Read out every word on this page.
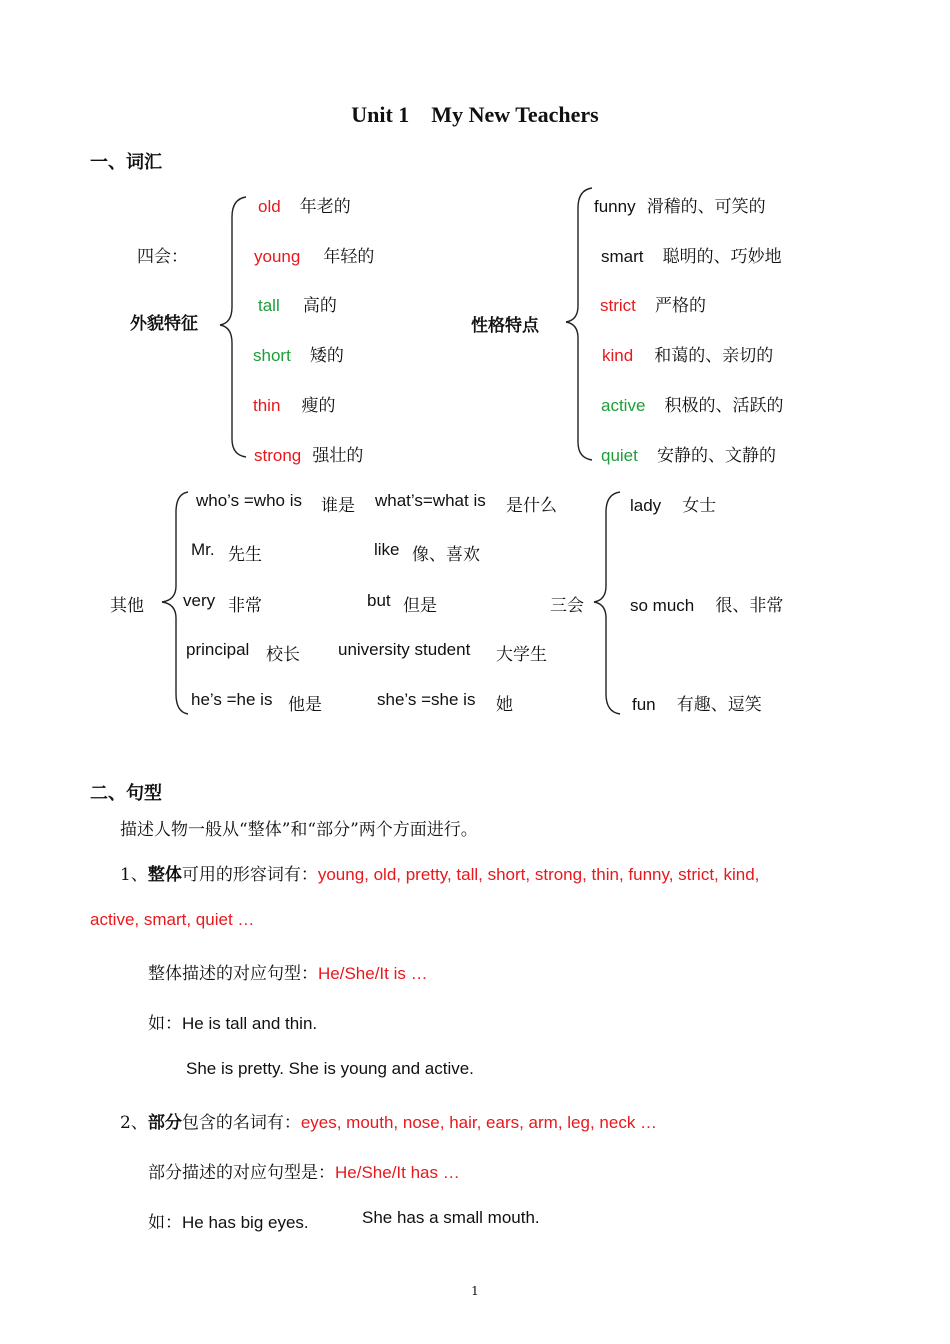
Unit 1    My New Teachers
一、词汇
四会：
外貌特征
old 年老的
young 年轻的
tall 高的
short 矮的
thin 瘦的
strong 强壮的
性格特点
funny 滑稽的、可笑的
smart 聪明的、巧妙地
strict 严格的
kind 和蔼的、亲切的
active 积极的、活跃的
quiet 安静的、文静的
其他
who’s =who is 谁是 what’s=what is 是什么
Mr. 先生	like 像、喜欢
very 非常	but 但是
principal 校长 university student 大学生
he’s =he is 他是	she’s =she is 她
三会
lady 女士
so much 很、非常
fun 有趣、逗笑
二、句型
描述人物一般从“整体”和“部分”两个方面进行。
1、整体可用的形容词有：young, old, pretty, tall, short, strong, thin, funny, strict, kind,
active, smart, quiet …
整体描述的对应句型：He/She/It is …
如：He is tall and thin.
She is pretty. She is young and active.
2、部分包含的名词有：eyes, mouth, nose, hair, ears, arm, leg, neck …
部分描述的对应句型是：He/She/It has …
如：He has big eyes.	She has a small mouth.
1
